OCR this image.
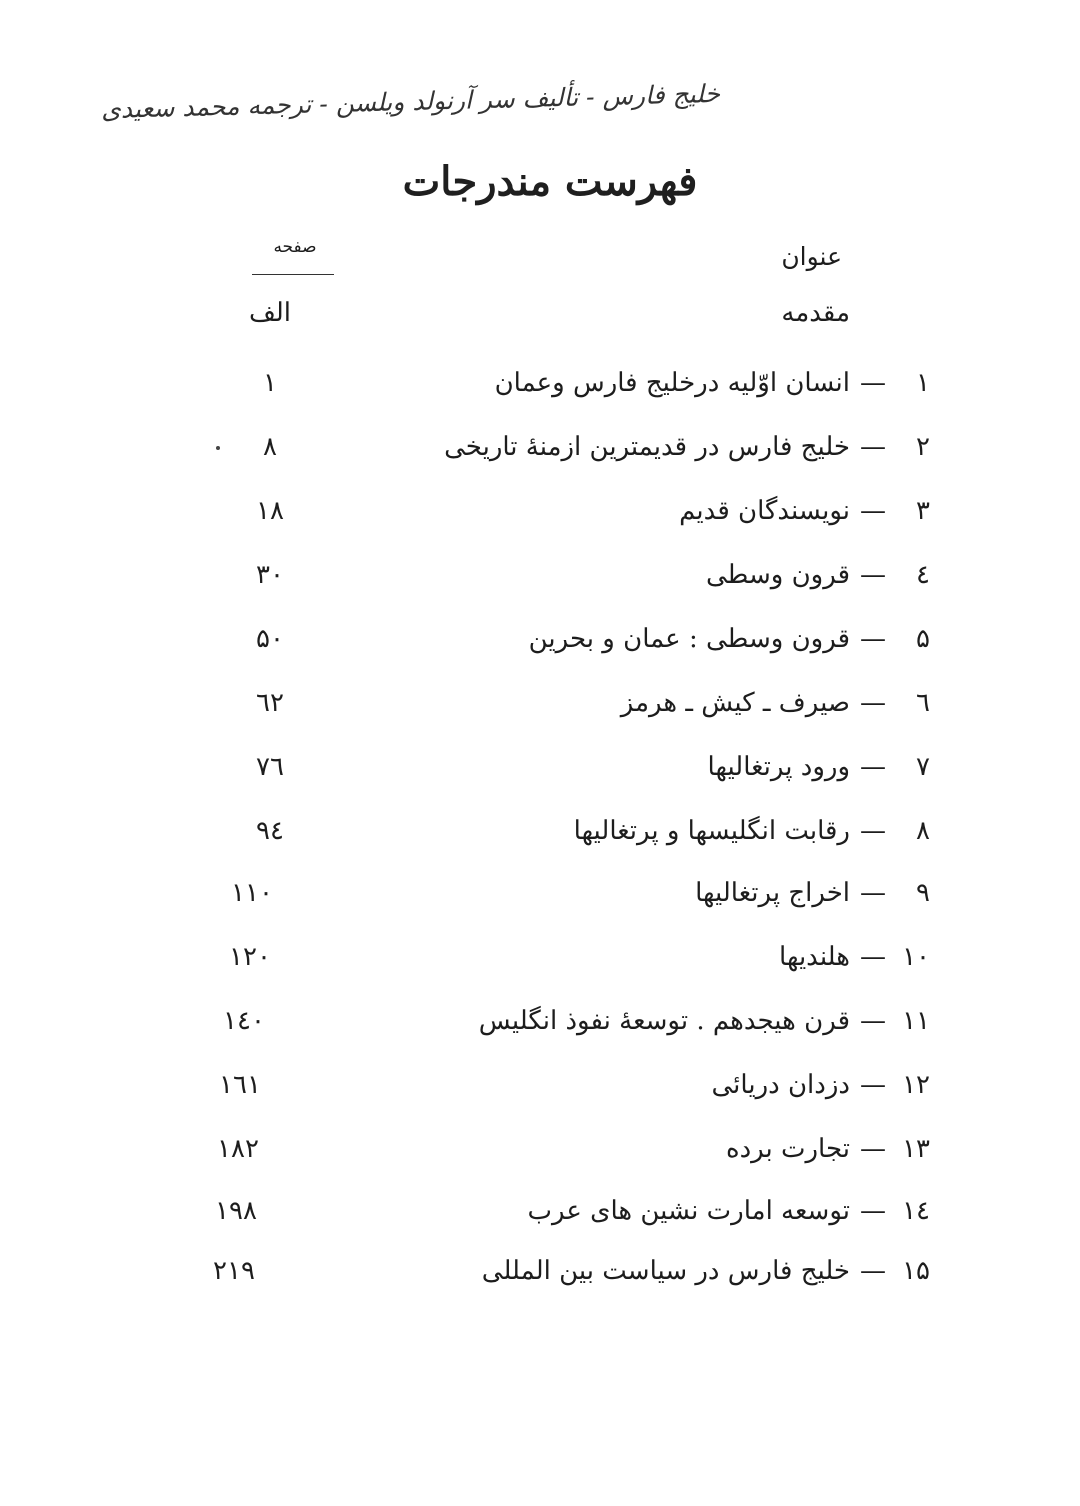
خلیج فارس - تألیف سر آرنولد ویلسن - ترجمه محمد سعیدی
فهرست مندرجات
صفحه	عنوان
الف	مقدمه
۱	۱—انسان اوّلیه درخلیج فارس وعمان
۸	۲—خلیج فارس در قدیمترین ازمنهٔ تاریخی
۱۸	۳—نویسندگان قدیم
۳۰	٤—قرون وسطی
۵۰	۵—قرون وسطی : عمان و بحرین
٦۲	٦—صیرف ـ کیش ـ هرمز
۷٦	۷—ورود پرتغالیها
۹٤	۸—رقابت انگلیسها و پرتغالیها
۱۱۰	۹—اخراج پرتغالیها
۱۲۰	۱۰—هلندیها
۱٤۰	۱۱—قرن هیجدهم . توسعهٔ نفوذ انگلیس
۱٦۱	۱۲—دزدان دریائی
۱۸۲	۱۳—تجارت برده
۱۹۸	۱٤—توسعه امارت نشین های عرب
۲۱۹	۱۵—خلیج فارس در سیاست بین المللی
